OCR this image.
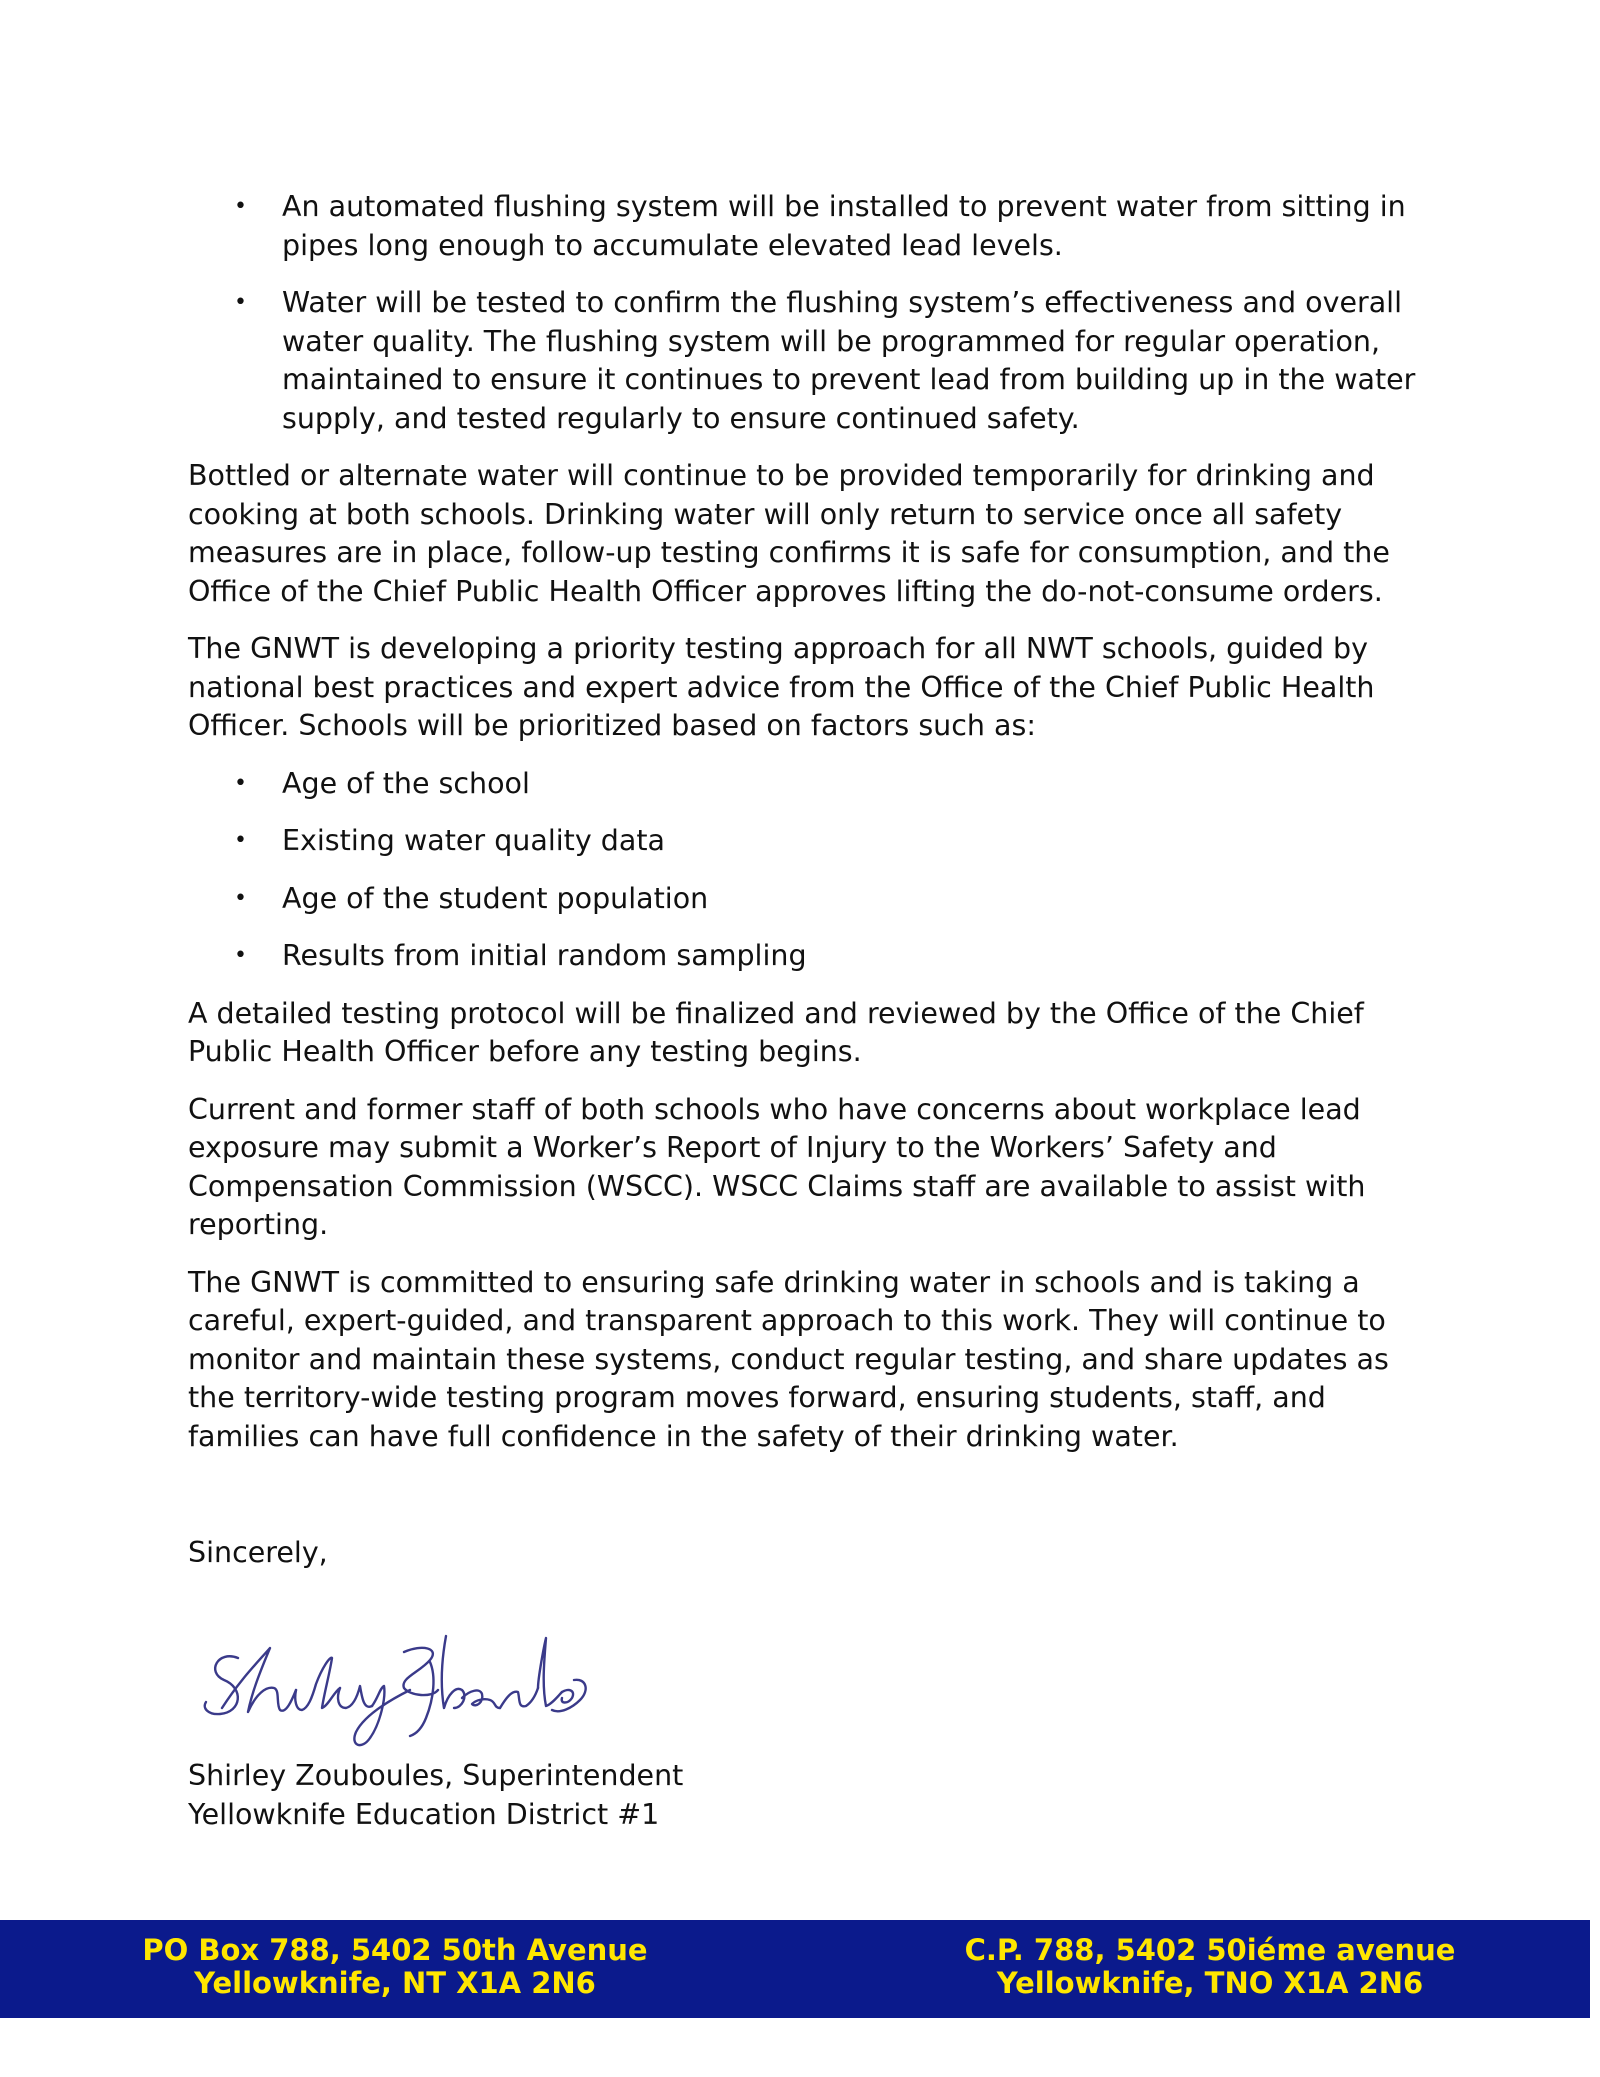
• An automated flushing system will be installed to prevent water from sitting in pipes long enough to accumulate elevated lead levels.
• Water will be tested to confirm the flushing system’s effectiveness and overall water quality. The flushing system will be programmed for regular operation, maintained to ensure it continues to prevent lead from building up in the water supply, and tested regularly to ensure continued safety.

Bottled or alternate water will continue to be provided temporarily for drinking and cooking at both schools. Drinking water will only return to service once all safety measures are in place, follow-up testing confirms it is safe for consumption, and the Office of the Chief Public Health Officer approves lifting the do-not-consume orders.

The GNWT is developing a priority testing approach for all NWT schools, guided by national best practices and expert advice from the Office of the Chief Public Health Officer. Schools will be prioritized based on factors such as:

• Age of the school
• Existing water quality data
• Age of the student population
• Results from initial random sampling

A detailed testing protocol will be finalized and reviewed by the Office of the Chief Public Health Officer before any testing begins.

Current and former staff of both schools who have concerns about workplace lead exposure may submit a Worker’s Report of Injury to the Workers’ Safety and Compensation Commission (WSCC). WSCC Claims staff are available to assist with reporting.

The GNWT is committed to ensuring safe drinking water in schools and is taking a careful, expert-guided, and transparent approach to this work. They will continue to monitor and maintain these systems, conduct regular testing, and share updates as the territory-wide testing program moves forward, ensuring students, staff, and families can have full confidence in the safety of their drinking water.

Sincerely,

Shirley Zouboules, Superintendent
Yellowknife Education District #1
PO Box 788, 5402 50th Avenue
Yellowknife, NT X1A 2N6
C.P. 788, 5402 50iéme avenue
Yellowknife, TNO X1A 2N6
